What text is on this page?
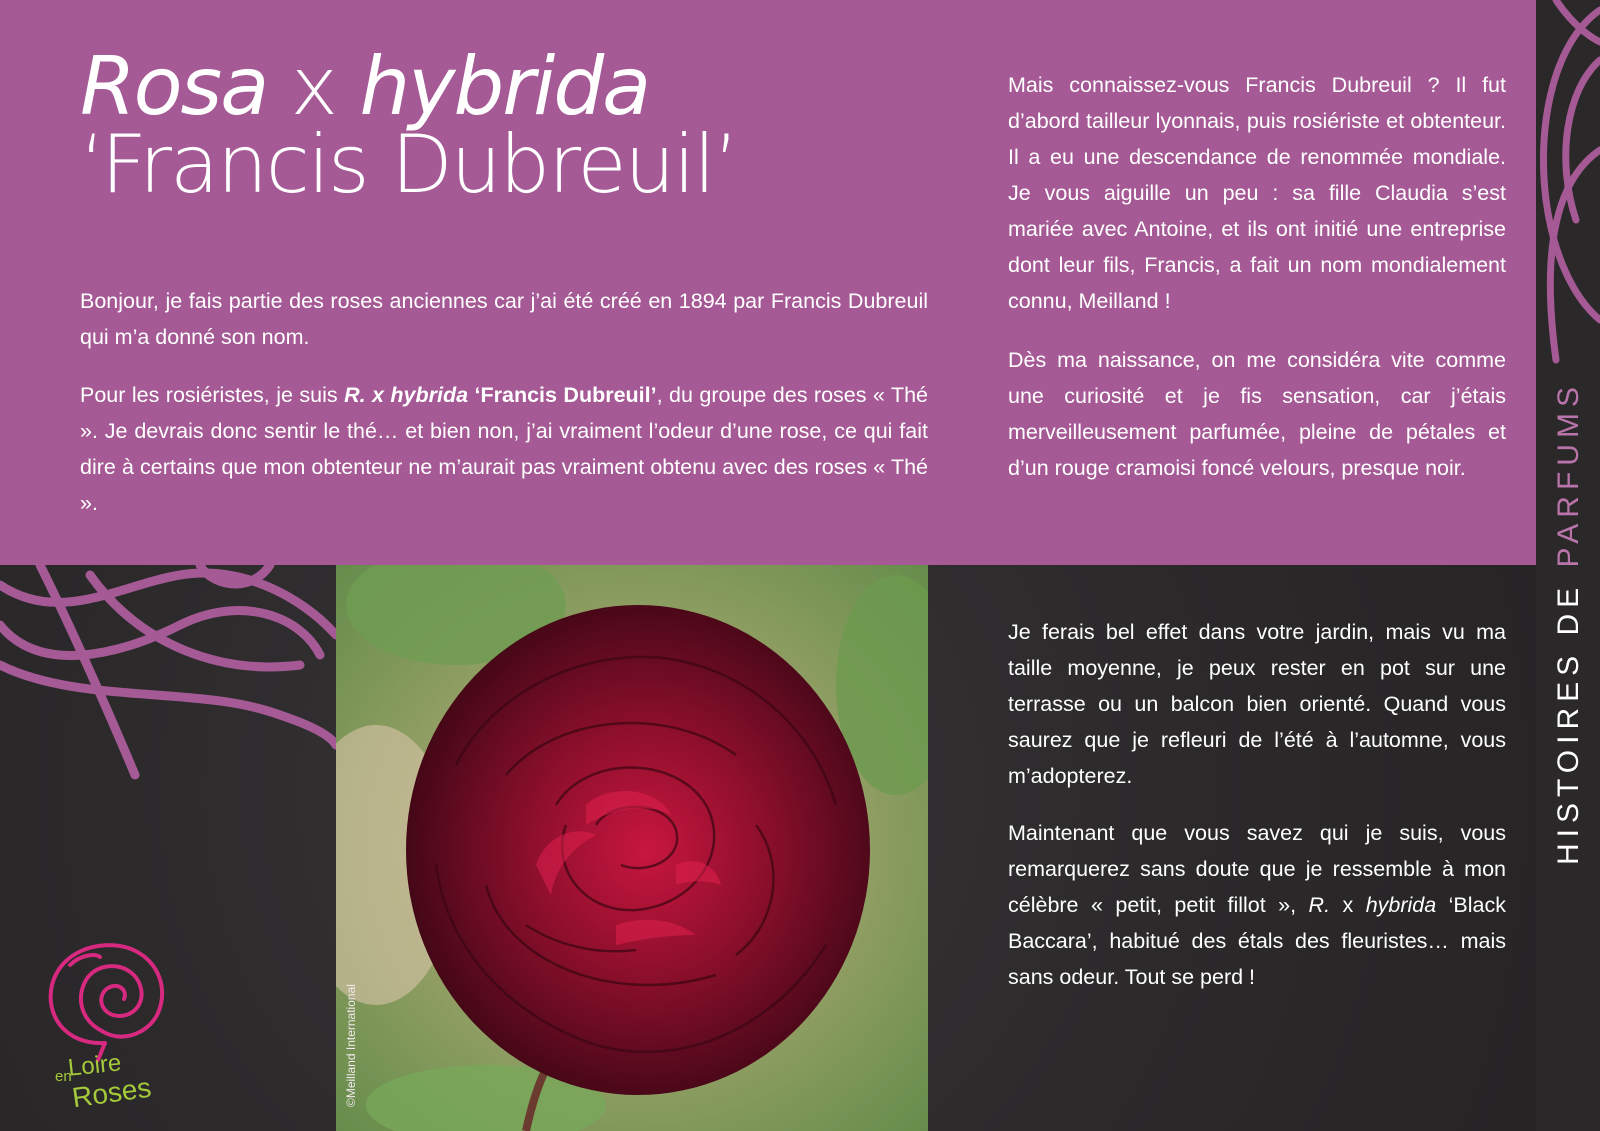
Rosa x hybrida
‘Francis Dubreuil’

Bonjour, je fais partie des roses anciennes car j’ai été créé en 1894 par Francis Dubreuil qui m’a donné son nom.

Pour les rosiéristes, je suis R. x hybrida ‘Francis Dubreuil’, du groupe des roses « Thé ». Je devrais donc sentir le thé… et bien non, j’ai vraiment l’odeur d’une rose, ce qui fait dire à certains que mon obtenteur ne m’aurait pas vraiment obtenu avec des roses « Thé ».

Mais connaissez-vous Francis Dubreuil ? Il fut d’abord tailleur lyonnais, puis rosiériste et obtenteur. Il a eu une descendance de renommée mondiale. Je vous aiguille un peu : sa fille Claudia s’est mariée avec Antoine, et ils ont initié une entreprise dont leur fils, Francis, a fait un nom mondialement connu, Meilland !

Dès ma naissance, on me considéra vite comme une curiosité et je fis sensation, car j’étais merveilleusement parfumée, pleine de pétales et d’un rouge cramoisi foncé velours, presque noir.

Je ferais bel effet dans votre jardin, mais vu ma taille moyenne, je peux rester en pot sur une terrasse ou un balcon bien orienté. Quand vous saurez que je refleuri de l’été à l’automne, vous m’adopterez.

Maintenant que vous savez qui je suis, vous remarquerez sans doute que je ressemble à mon célèbre « petit, petit fillot », R. x hybrida ‘Black Baccara’, habitué des étals des fleuristes… mais sans odeur. Tout se perd !

©Meilland International
HISTOIRES DE PARFUMS
Loire
en
Roses
